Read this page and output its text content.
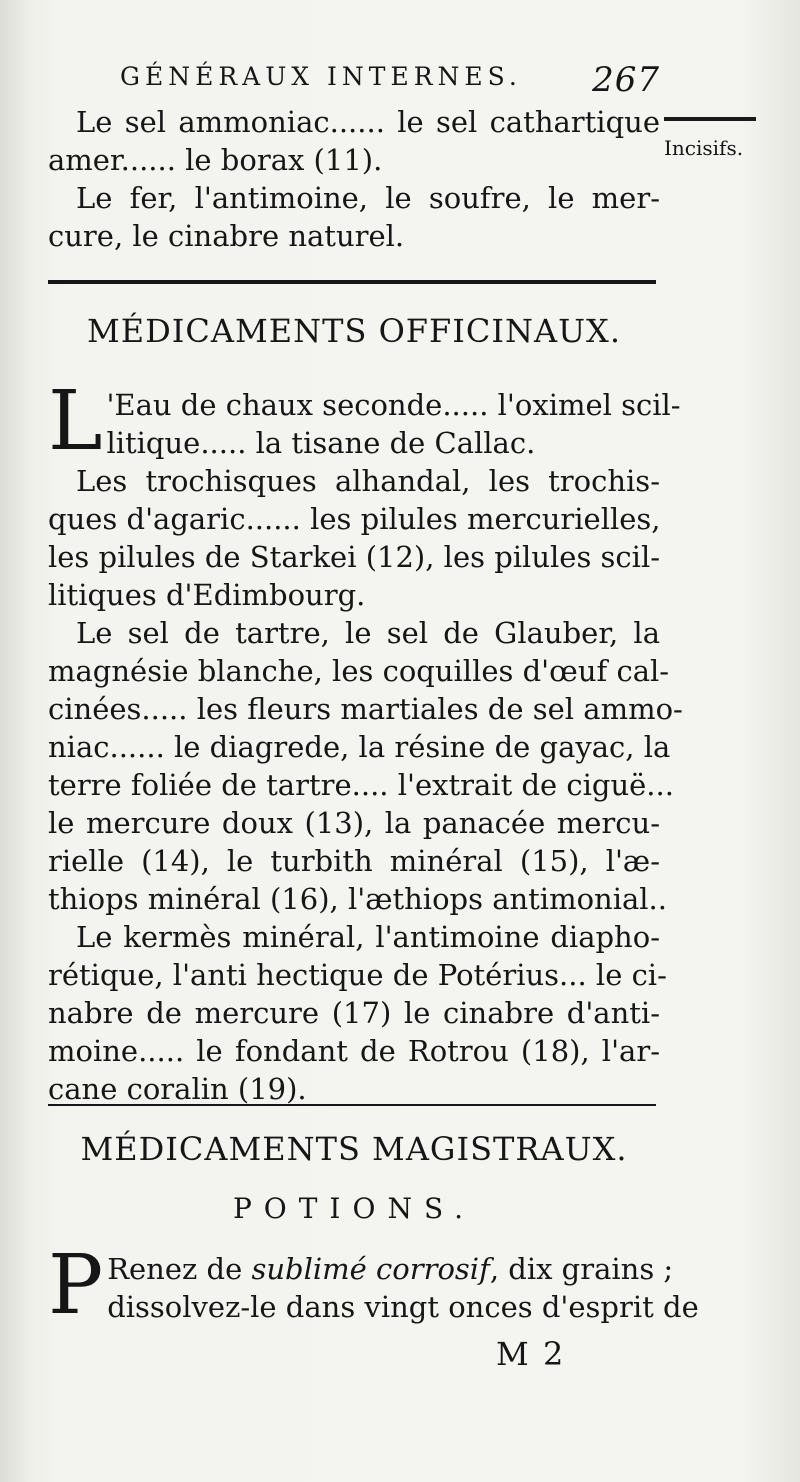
GÉNÉRAUX INTERNES. 267
Incisifs.
Le sel ammoniac...... le sel cathartique
amer...... le borax (11).
Le fer, l'antimoine, le soufre, le mer-
cure, le cinabre naturel.
MÉDICAMENTS OFFICINAUX.
L 'Eau de chaux seconde..... l'oximel scil-
litique..... la tisane de Callac.
Les trochisques alhandal, les trochis-
ques d'agaric...... les pilules mercurielles,
les pilules de Starkei (12), les pilules scil-
litiques d'Edimbourg.
Le sel de tartre, le sel de Glauber, la
magnésie blanche, les coquilles d'œuf cal-
cinées..... les fleurs martiales de sel ammo-
niac...... le diagrede, la résine de gayac, la
terre foliée de tartre.... l'extrait de ciguë...
le mercure doux (13), la panacée mercu-
rielle (14), le turbith minéral (15), l'æ-
thiops minéral (16), l'æthiops antimonial..
Le kermès minéral, l'antimoine diapho-
rétique, l'anti hectique de Potérius... le ci-
nabre de mercure (17) le cinabre d'anti-
moine..... le fondant de Rotrou (18), l'ar-
cane coralin (19).
MÉDICAMENTS MAGISTRAUX.
POTIONS.
P Renez de sublimé corrosif, dix grains ;
dissolvez-le dans vingt onces d'esprit de
M 2
